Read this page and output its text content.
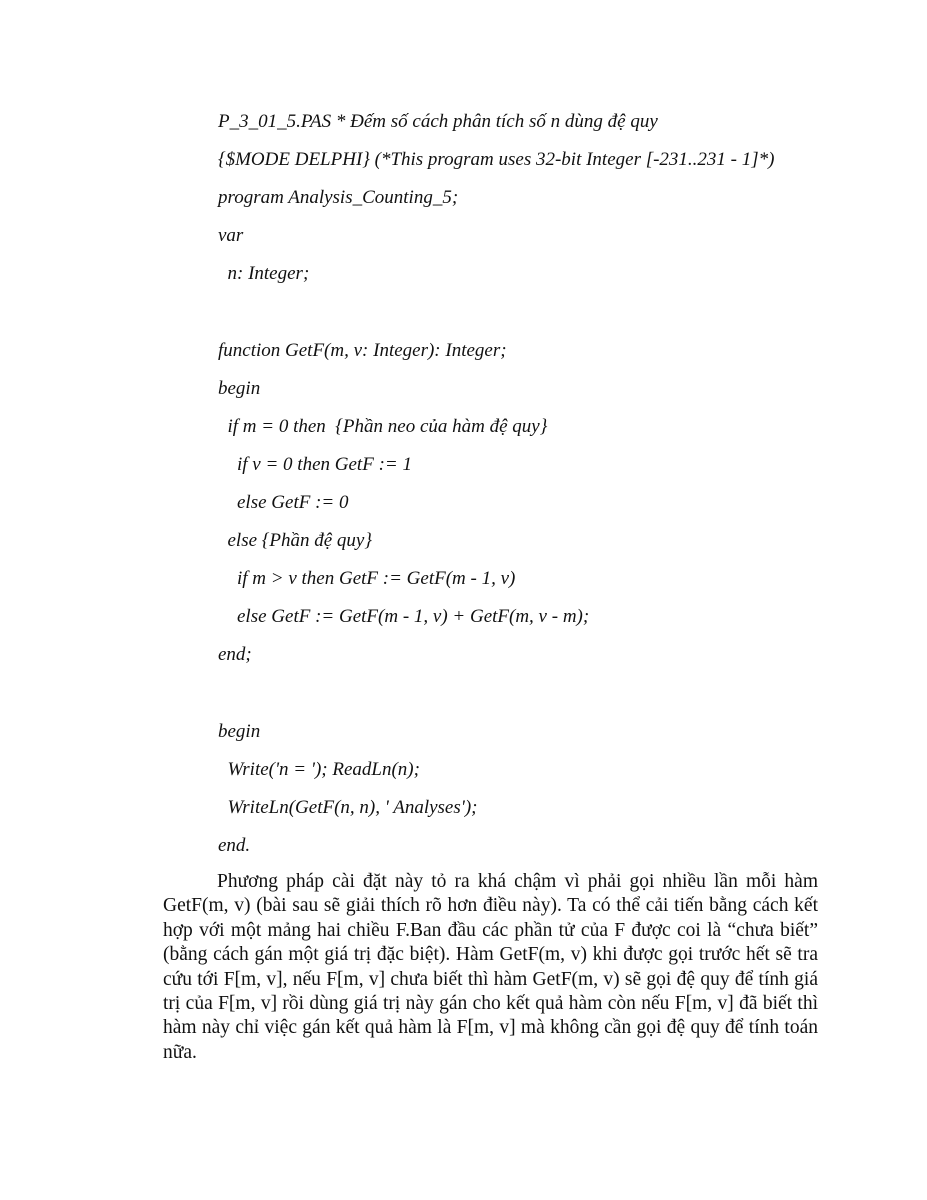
P_3_01_5.PAS * Đếm số cách phân tích số n dùng đệ quy
{$MODE DELPHI} (*This program uses 32-bit Integer [-231..231 - 1]*)
program Analysis_Counting_5;
var
n: Integer;
function GetF(m, v: Integer): Integer;
begin
if m = 0 then  {Phần neo của hàm đệ quy}
if v = 0 then GetF := 1
else GetF := 0
else {Phần đệ quy}
if m > v then GetF := GetF(m - 1, v)
else GetF := GetF(m - 1, v) + GetF(m, v - m);
end;
begin
Write('n = '); ReadLn(n);
WriteLn(GetF(n, n), ' Analyses');
end.

Phương pháp cài đặt này tỏ ra khá chậm vì phải gọi nhiều lần mỗi hàm GetF(m, v) (bài sau sẽ giải thích rõ hơn điều này). Ta có thể cải tiến bằng cách kết hợp với một mảng hai chiều F.Ban đầu các phần tử của F được coi là “chưa biết” (bằng cách gán một giá trị đặc biệt). Hàm GetF(m, v) khi được gọi trước hết sẽ tra cứu tới F[m, v], nếu F[m, v] chưa biết thì hàm GetF(m, v) sẽ gọi đệ quy để tính giá trị của F[m, v] rồi dùng giá trị này gán cho kết quả hàm còn nếu F[m, v] đã biết thì hàm này chỉ việc gán kết quả hàm là F[m, v] mà không cần gọi đệ quy để tính toán nữa.
